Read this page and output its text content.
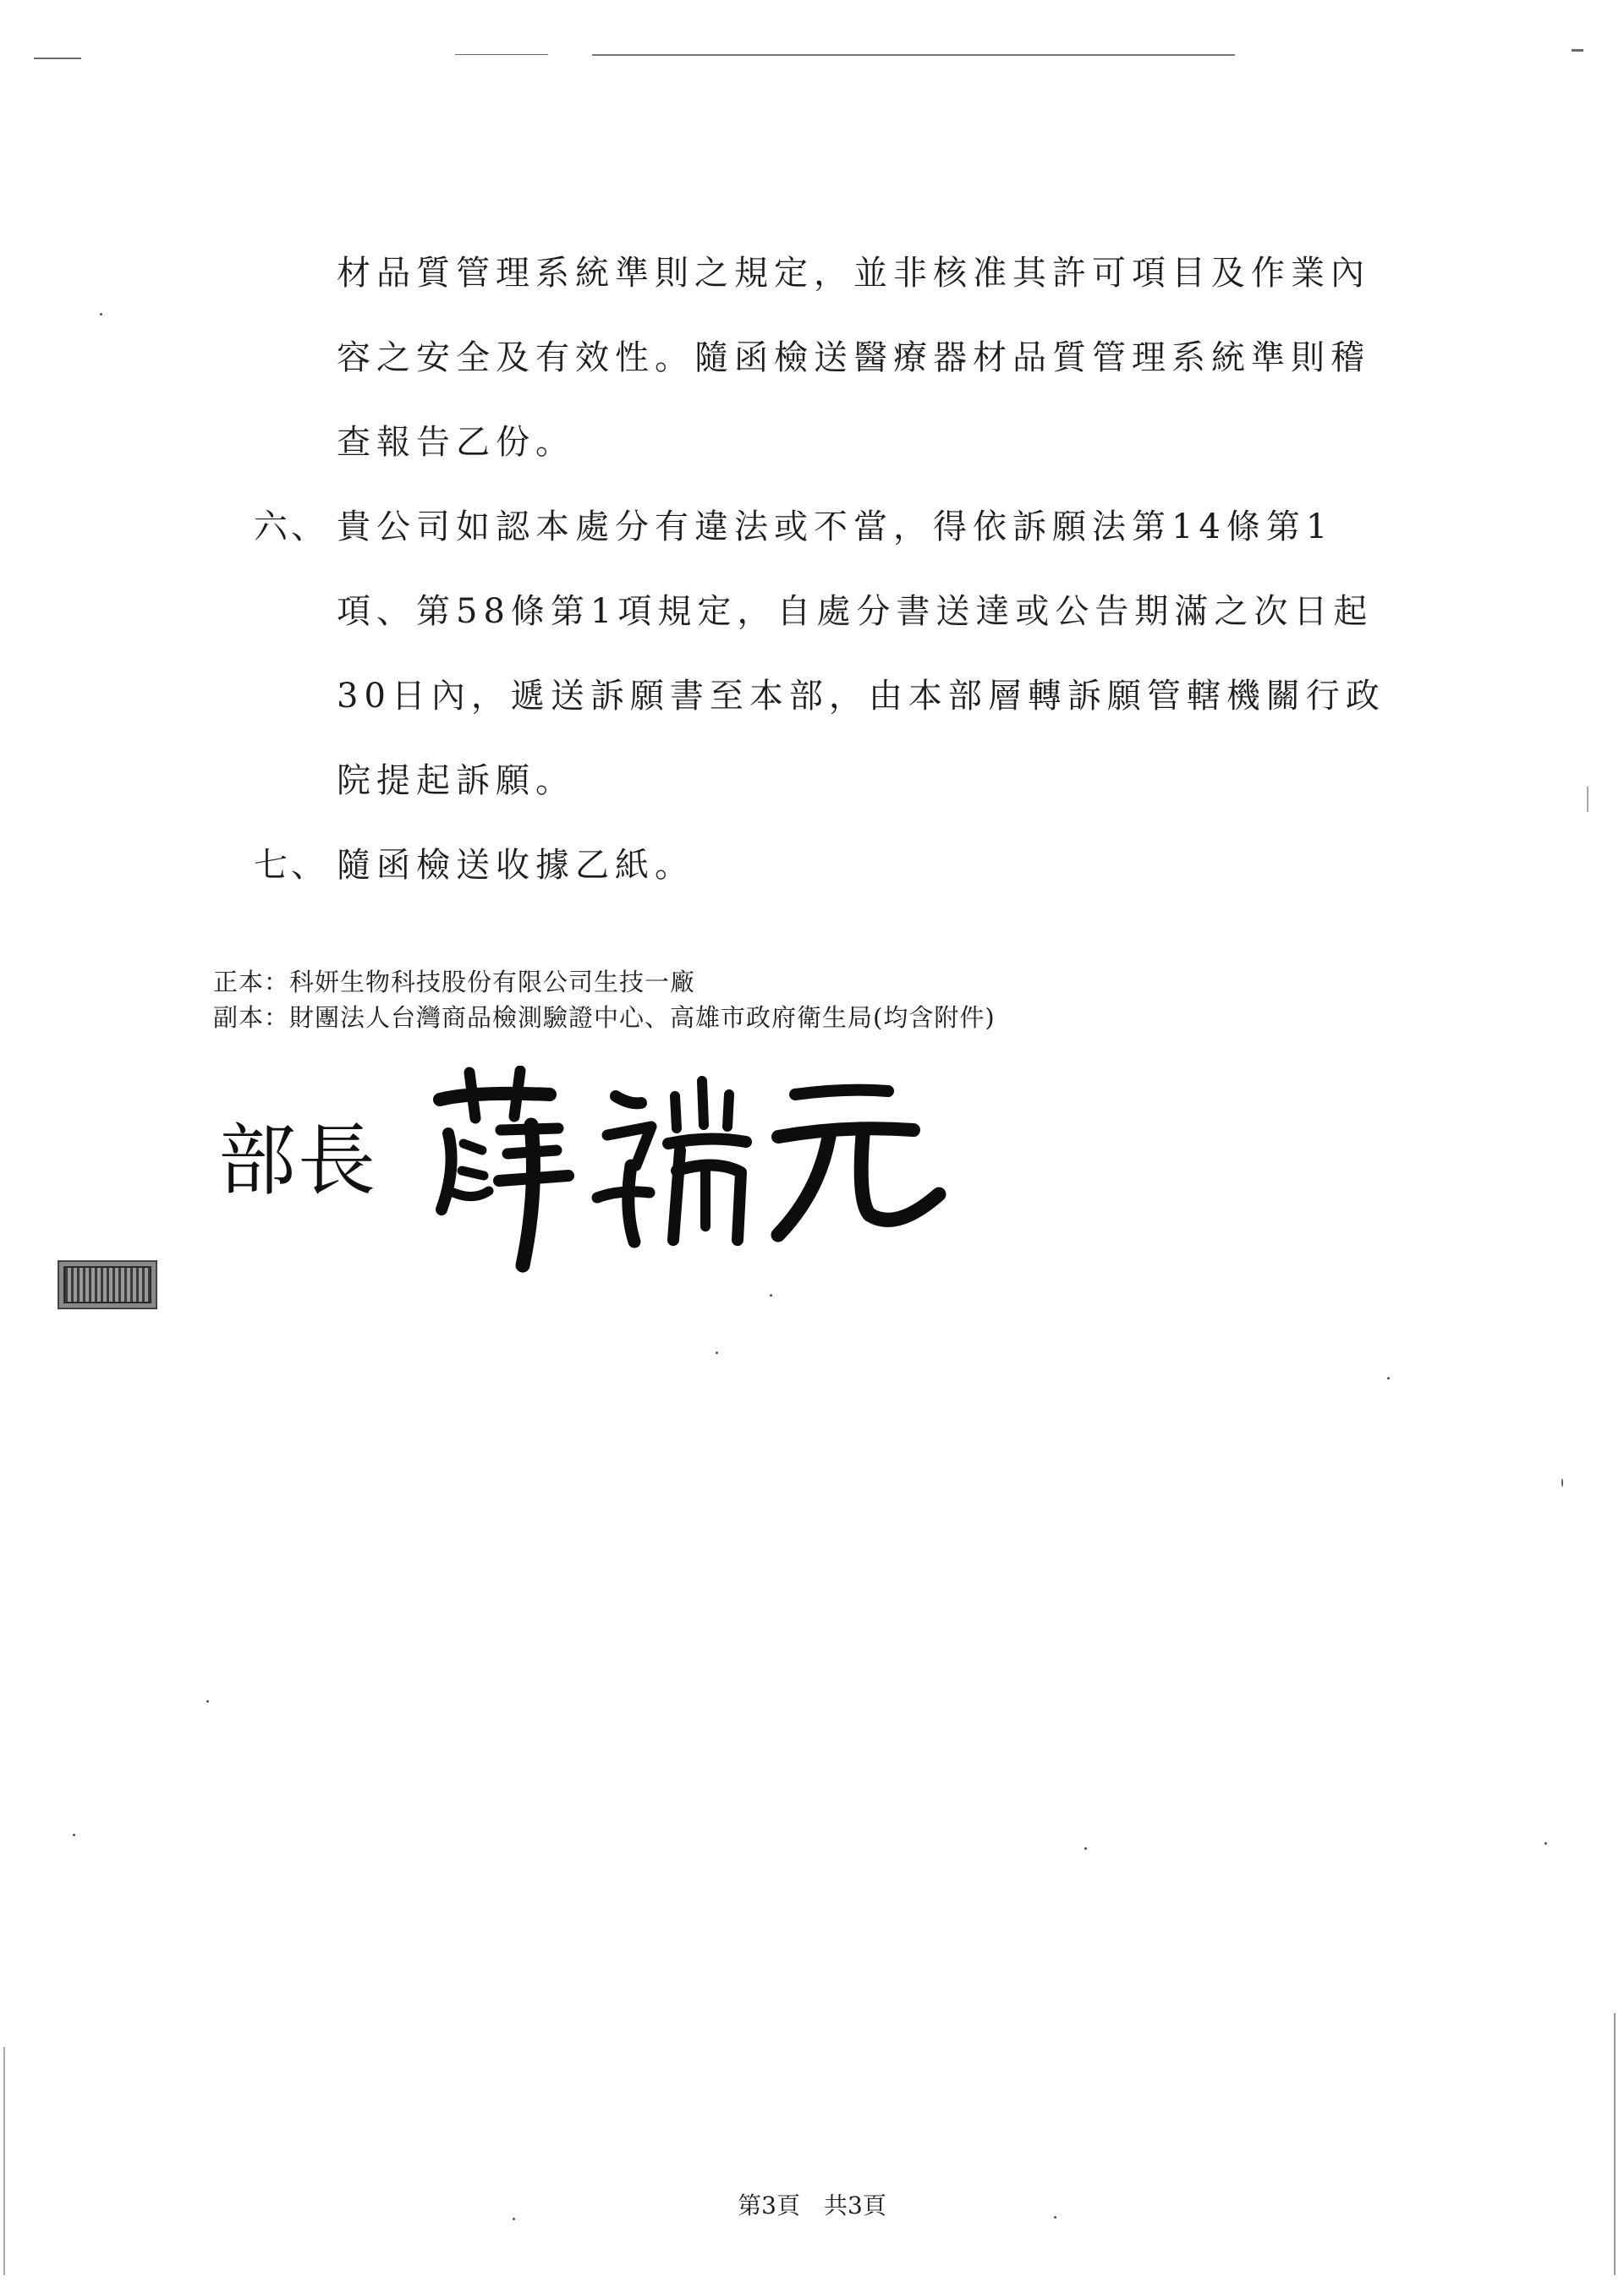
材品質管理系統準則之規定，並非核准其許可項目及作業內
容之安全及有效性。隨函檢送醫療器材品質管理系統準則稽
查報告乙份。
六、 貴公司如認本處分有違法或不當，得依訴願法第14條第1
項、第58條第1項規定，自處分書送達或公告期滿之次日起
30日內，遞送訴願書至本部，由本部層轉訴願管轄機關行政
院提起訴願。
七、 隨函檢送收據乙紙。
正本：科妍生物科技股份有限公司生技一廠
副本：財團法人台灣商品檢測驗證中心、高雄市政府衛生局(均含附件)
部長
第3頁 共3頁
